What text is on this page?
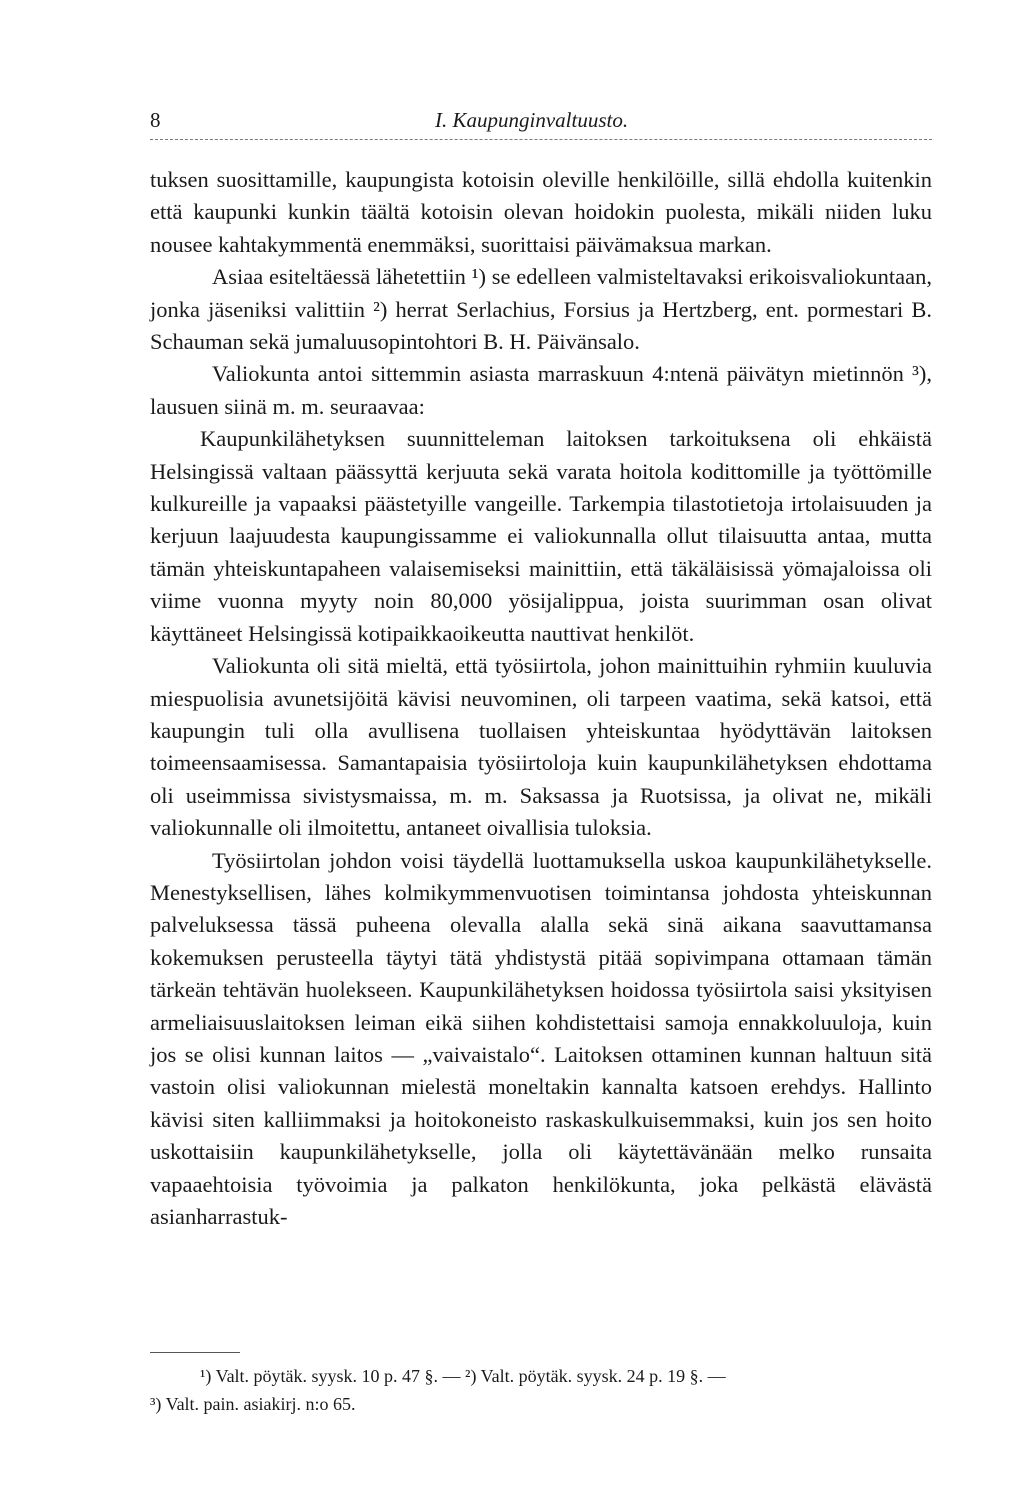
8	I. Kaupunginvaltuusto.

tuksen suosittamille, kaupungista kotoisin oleville henkilöille, sillä ehdolla kuitenkin että kaupunki kunkin täältä kotoisin olevan hoidokin puolesta, mikäli niiden luku nousee kahtakymmentä enemmäksi, suorittaisi päivämaksua markan.

Asiaa esiteltäessä lähetettiin ¹) se edelleen valmisteltavaksi erikoisvaliokuntaan, jonka jäseniksi valittiin ²) herrat Serlachius, Forsius ja Hertzberg, ent. pormestari B. Schauman sekä jumaluusopintohtori B. H. Päivänsalo.

Valiokunta antoi sittemmin asiasta marraskuun 4:ntenä päivätyn mietinnön ³), lausuen siinä m. m. seuraavaa:

Kaupunkilähetyksen suunnitteleman laitoksen tarkoituksena oli ehkäistä Helsingissä valtaan päässyttä kerjuuta sekä varata hoitola kodittomille ja työttömille kulkureille ja vapaaksi päästetyille vangeille. Tarkempia tilastotietoja irtolaisuuden ja kerjuun laajuudesta kaupungissamme ei valiokunnalla ollut tilaisuutta antaa, mutta tämän yhteiskuntapaheen valaisemiseksi mainittiin, että täkäläisissä yömajaloissa oli viime vuonna myyty noin 80,000 yösijalippua, joista suurimman osan olivat käyttäneet Helsingissä kotipaikkaoikeutta nauttivat henkilöt.

Valiokunta oli sitä mieltä, että työsiirtola, johon mainittuihin ryhmiin kuuluvia miespuolisia avunetsijöitä kävisi neuvominen, oli tarpeen vaatima, sekä katsoi, että kaupungin tuli olla avullisena tuollaisen yhteiskuntaa hyödyttävän laitoksen toimeensaamisessa. Samantapaisia työsiirtoloja kuin kaupunkilähetyksen ehdottama oli useimmissa sivistysmaissa, m. m. Saksassa ja Ruotsissa, ja olivat ne, mikäli valiokunnalle oli ilmoitettu, antaneet oivallisia tuloksia.

Työsiirtolan johdon voisi täydellä luottamuksella uskoa kaupunkilähetykselle. Menestyksellisen, lähes kolmikymmenvuotisen toimintansa johdosta yhteiskunnan palveluksessa tässä puheena olevalla alalla sekä sinä aikana saavuttamansa kokemuksen perusteella täytyi tätä yhdistystä pitää sopivimpana ottamaan tämän tärkeän tehtävän huolekseen. Kaupunkilähetyksen hoidossa työsiirtola saisi yksityisen armeliaisuuslaitoksen leiman eikä siihen kohdistettaisi samoja ennakkoluuloja, kuin jos se olisi kunnan laitos — „vaivaistalo“. Laitoksen ottaminen kunnan haltuun sitä vastoin olisi valiokunnan mielestä moneltakin kannalta katsoen erehdys. Hallinto kävisi siten kalliimmaksi ja hoitokoneisto raskaskulkuisemmaksi, kuin jos sen hoito uskottaisiin kaupunkilähetykselle, jolla oli käytettävänään melko runsaita vapaaehtoisia työvoimia ja palkaton henkilökunta, joka pelkästä elävästä asianharrastuk-

¹) Valt. pöytäk. syysk. 10 p. 47 §. — ²) Valt. pöytäk. syysk. 24 p. 19 §. —

³) Valt. pain. asiakirj. n:o 65.
